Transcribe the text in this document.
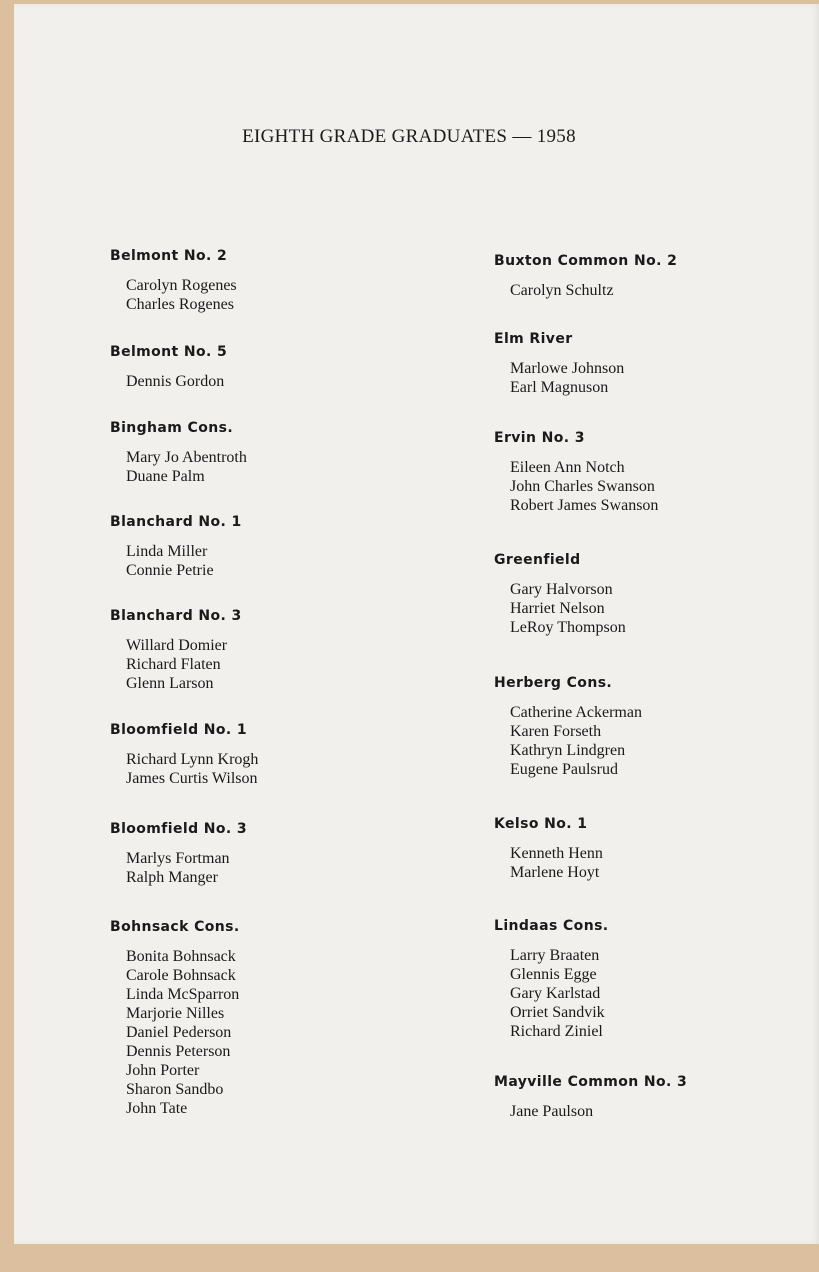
EIGHTH GRADE GRADUATES — 1958
Belmont No. 2
Carolyn Rogenes
Charles Rogenes
Belmont No. 5
Dennis Gordon
Bingham Cons.
Mary Jo Abentroth
Duane Palm
Blanchard No. 1
Linda Miller
Connie Petrie
Blanchard No. 3
Willard Domier
Richard Flaten
Glenn Larson
Bloomfield No. 1
Richard Lynn Krogh
James Curtis Wilson
Bloomfield No. 3
Marlys Fortman
Ralph Manger
Bohnsack Cons.
Bonita Bohnsack
Carole Bohnsack
Linda McSparron
Marjorie Nilles
Daniel Pederson
Dennis Peterson
John Porter
Sharon Sandbo
John Tate
Buxton Common No. 2
Carolyn Schultz
Elm River
Marlowe Johnson
Earl Magnuson
Ervin No. 3
Eileen Ann Notch
John Charles Swanson
Robert James Swanson
Greenfield
Gary Halvorson
Harriet Nelson
LeRoy Thompson
Herberg Cons.
Catherine Ackerman
Karen Forseth
Kathryn Lindgren
Eugene Paulsrud
Kelso No. 1
Kenneth Henn
Marlene Hoyt
Lindaas Cons.
Larry Braaten
Glennis Egge
Gary Karlstad
Orriet Sandvik
Richard Ziniel
Mayville Common No. 3
Jane Paulson
